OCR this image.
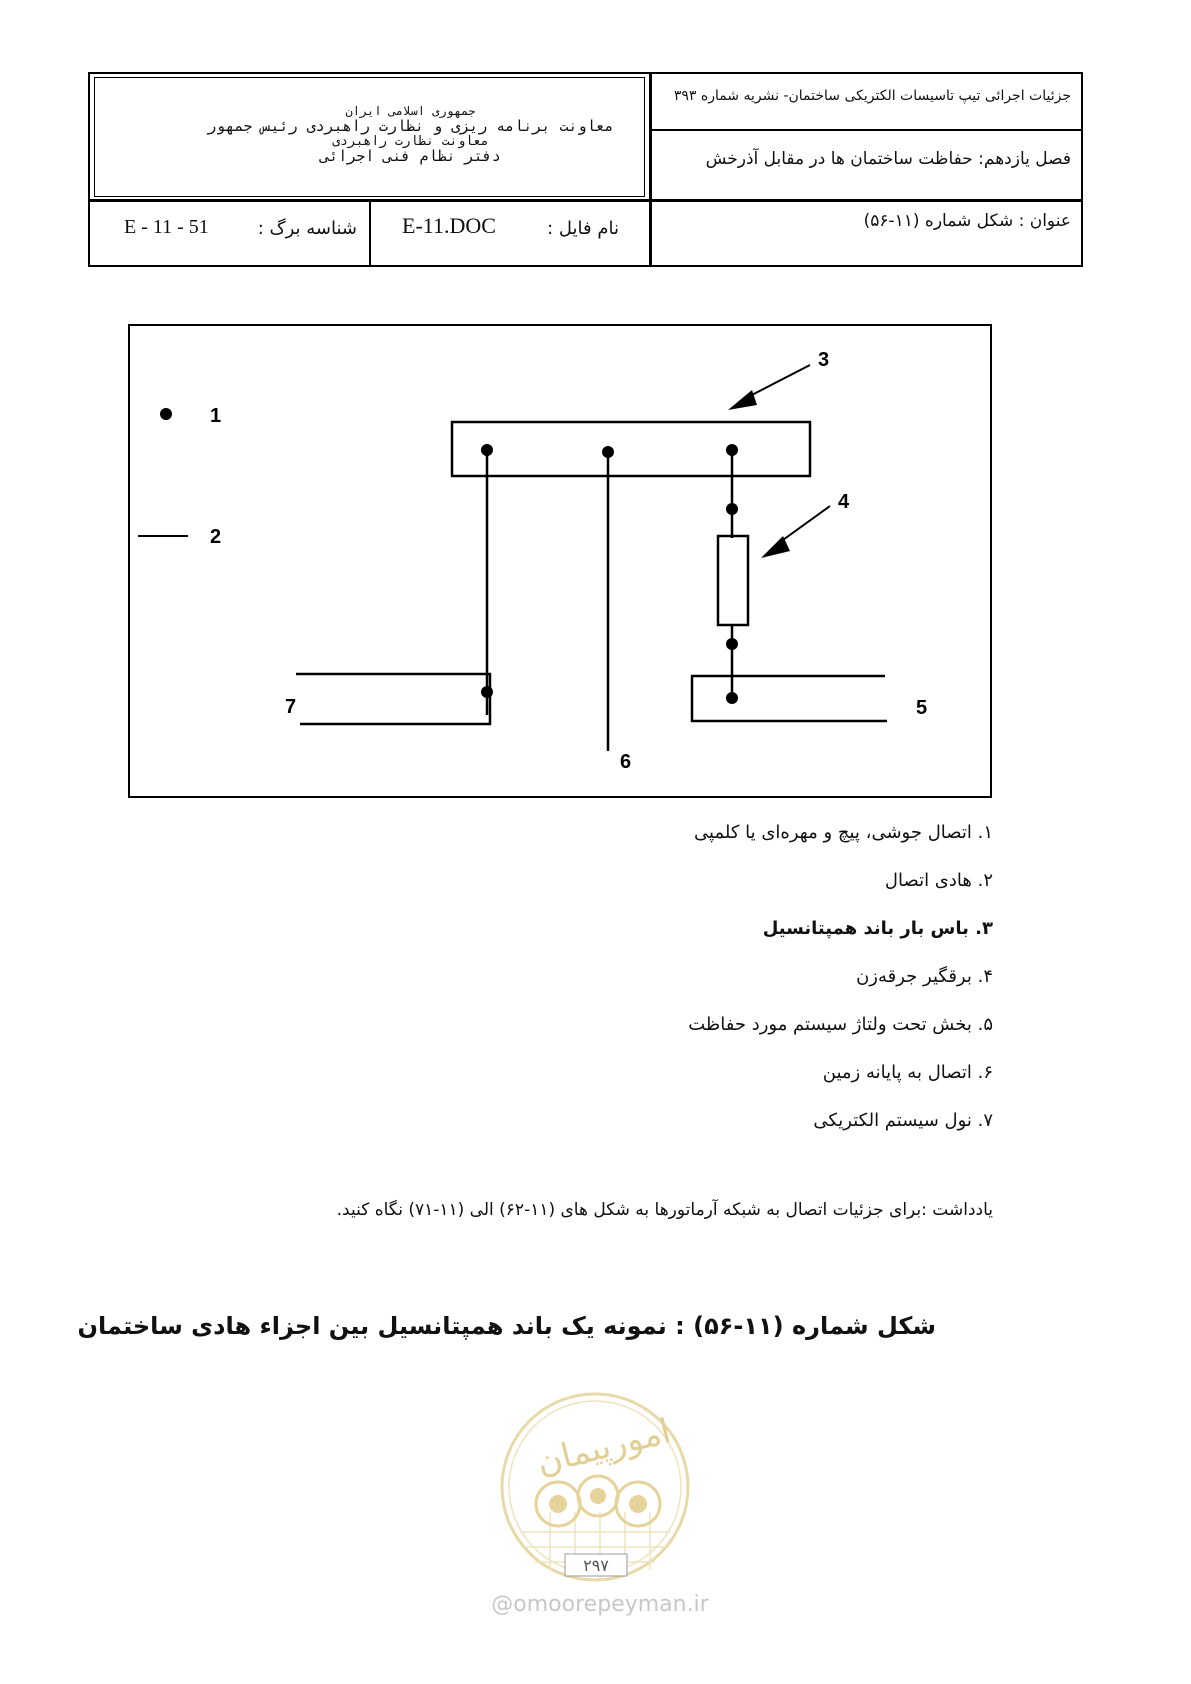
جزئیات اجرائی تیپ تاسیسات الکتریکی ساختمان- نشریه شماره ۳۹۳
فصل یازدهم: حفاظت ساختمان ها در مقابل آذرخش
عنوان : شکل شماره (۱۱-۵۶)
نام فایل :
E-11.DOC
شناسه برگ :
E - 11 - 51
جمهوری اسلامی ایران
معاونت برنامه ریزی و نظارت راهبردی رئیس جمهور
معاونت نظارت راهبردی
دفتر نظام فنی اجرائی
1
2
3
4
5
6
7
۱. اتصال جوشی، پیچ و مهره‌ای یا کلمپی
۲. هادی اتصال
۳. باس بار باند همپتانسیل
۴. برقگیر جرقه‌زن
۵. بخش تحت ولتاژ سیستم مورد حفاظت
۶. اتصال به پایانه زمین
۷. نول سیستم الکتریکی
یادداشت :برای جزئیات اتصال به شبکه آرماتورها به شکل های (۱۱-۶۲) الی (۱۱-۷۱) نگاه کنید.
شکل شماره (۱۱-۵۶) : نمونه یک باند همپتانسیل بین اجزاء هادی ساختمان
امورپیمان
۲۹۷
@omoorepeyman.ir
